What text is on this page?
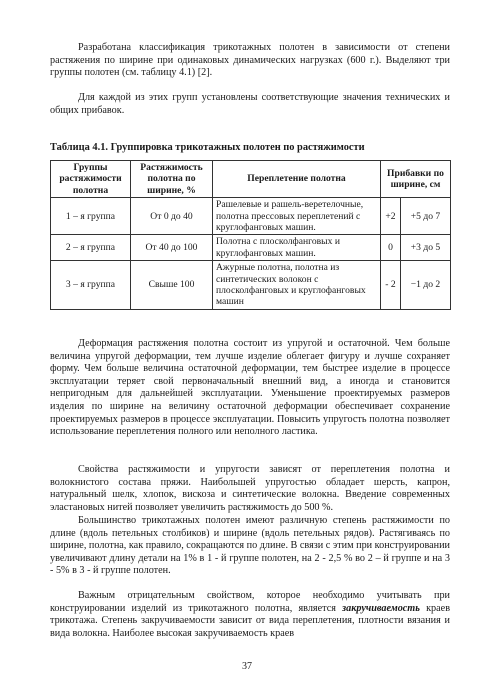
Разработана классификация трикотажных полотен в зависимости от степени растяжения по ширине при одинаковых динамических нагрузках (600 г.). Выделяют три группы полотен (см. таблицу 4.1) [2].

Для каждой из этих групп установлены соответствующие значения технических и общих прибавок.

Таблица 4.1. Группировка трикотажных полотен по растяжимости

Группы растяжимости полотна	Растяжимость полотна по ширине, %	Переплетение полотна	Прибавки по ширине, см	
1 – я группа	От 0 до 40	Рашелевые и рашель-веретелочные, полотна прессовых переплетений с круглофанговых машин.	+2	+5 до 7
2 – я группа	От 40 до 100	Полотна с плосколфанговых и круглофанговых машин.	0	+3 до 5
3 – я группа	Свыше 100	Ажурные полотна, полотна из синтетических волокон с плосколфанговых и круглофанговых машин	- 2	−1 до 2

Деформация растяжения полотна состоит из упругой и остаточной. Чем больше величина упругой деформации, тем лучше изделие облегает фигуру и лучше сохраняет форму. Чем больше величина остаточной деформации, тем быстрее изделие в процессе эксплуатации теряет свой первоначальный внешний вид, а иногда и становится непригодным для дальнейшей эксплуатации. Уменьшение проектируемых размеров изделия по ширине на величину остаточной деформации обеспечивает сохранение проектируемых размеров в процессе эксплуатации. Повысить упругость полотна позволяет использование переплетения полного или неполного ластика.

Свойства растяжимости и упругости зависят от переплетения полотна и волокнистого состава пряжи. Наибольшей упругостью обладает шерсть, капрон, натуральный шелк, хлопок, вискоза и синтетические волокна. Введение современных эластановых нитей позволяет увеличить растяжимость до 500 %.

Большинство трикотажных полотен имеют различную степень растяжимости по длине (вдоль петельных столбиков) и ширине (вдоль петельных рядов). Растягиваясь по ширине, полотна, как правило, сокращаются по длине. В связи с этим при конструировании увеличивают длину детали на 1% в 1 - й группе полотен, на 2 - 2,5 % во 2 – й группе и на 3 - 5% в 3 - й группе полотен.

Важным отрицательным свойством, которое необходимо учитывать при конструировании изделий из трикотажного полотна, является закручиваемость краев трикотажа. Степень закручиваемости зависит от вида переплетения, плотности вязания и вида волокна. Наиболее высокая закручиваемость краев

37
